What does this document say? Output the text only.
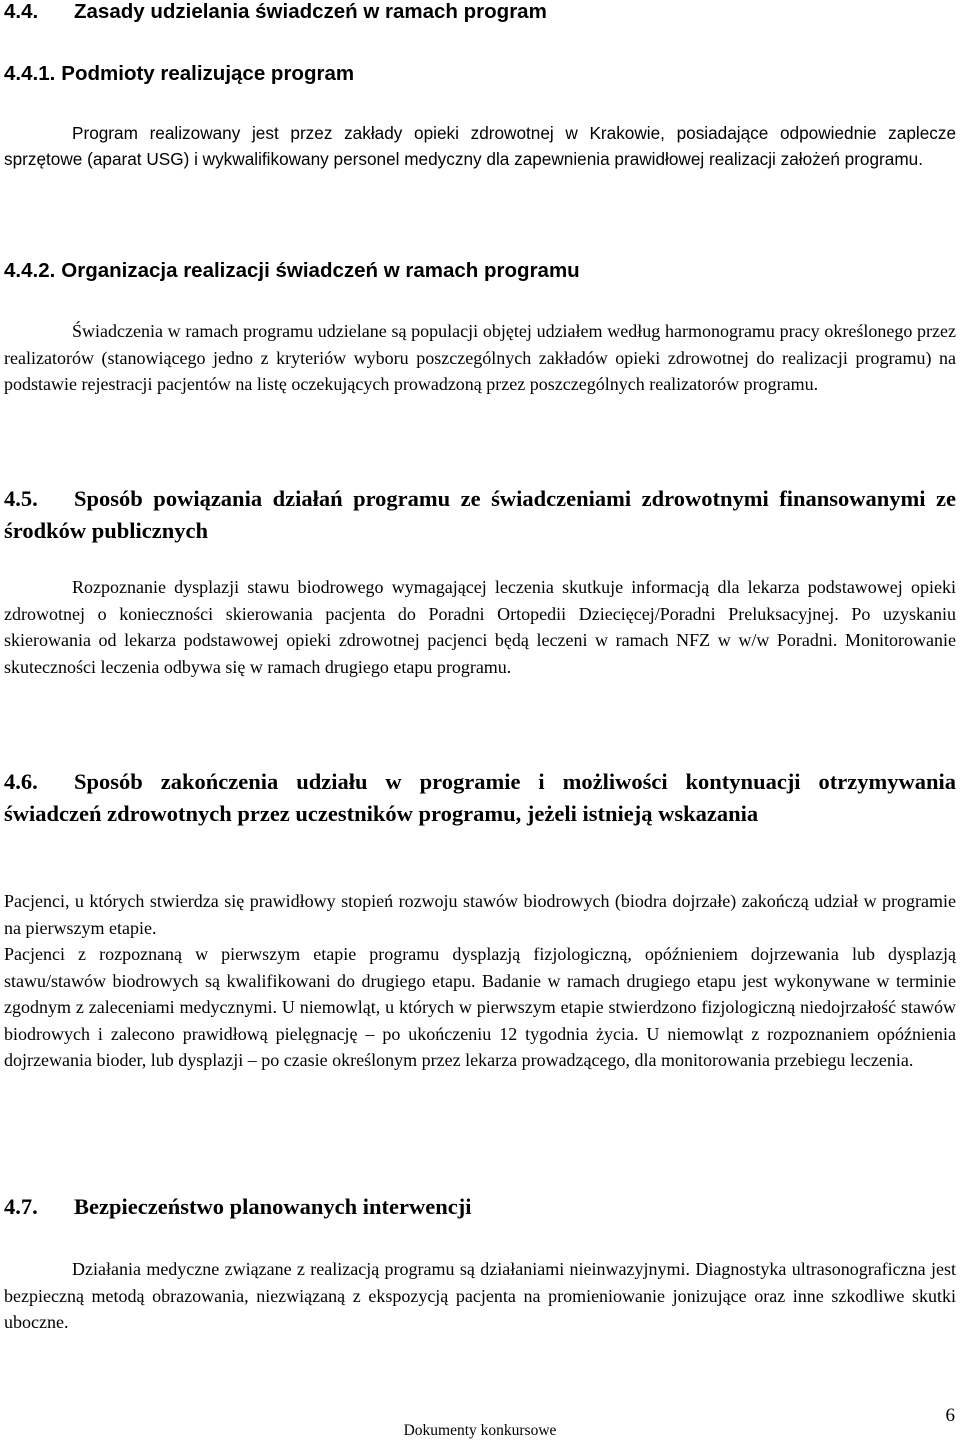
4.4. Zasady udzielania świadczeń w ramach program
4.4.1. Podmioty realizujące program

Program realizowany jest przez zakłady opieki zdrowotnej w Krakowie, posiadające odpowiednie zaplecze sprzętowe (aparat USG) i wykwalifikowany personel medyczny dla zapewnienia prawidłowej realizacji założeń programu.

4.4.2. Organizacja realizacji świadczeń w ramach programu

Świadczenia w ramach programu udzielane są populacji objętej udziałem według harmonogramu pracy określonego przez realizatorów (stanowiącego jedno z kryteriów wyboru poszczególnych zakładów opieki zdrowotnej do realizacji programu) na podstawie rejestracji pacjentów na listę oczekujących prowadzoną przez poszczególnych realizatorów programu.

4.5. Sposób powiązania działań programu ze świadczeniami zdrowotnymi finansowanymi ze środków publicznych

Rozpoznanie dysplazji stawu biodrowego wymagającej leczenia skutkuje informacją dla lekarza podstawowej opieki zdrowotnej o konieczności skierowania pacjenta do Poradni Ortopedii Dziecięcej/Poradni Preluksacyjnej. Po uzyskaniu skierowania od lekarza podstawowej opieki zdrowotnej pacjenci będą leczeni w ramach NFZ w w/w Poradni. Monitorowanie skuteczności leczenia odbywa się w ramach drugiego etapu programu.

4.6. Sposób zakończenia udziału w programie i możliwości kontynuacji otrzymywania świadczeń zdrowotnych przez uczestników programu, jeżeli istnieją wskazania

Pacjenci, u których stwierdza się prawidłowy stopień rozwoju stawów biodrowych (biodra dojrzałe) zakończą udział w programie na pierwszym etapie.

Pacjenci z rozpoznaną w pierwszym etapie programu dysplazją fizjologiczną, opóźnieniem dojrzewania lub dysplazją stawu/stawów biodrowych są kwalifikowani do drugiego etapu. Badanie w ramach drugiego etapu jest wykonywane w terminie zgodnym z zaleceniami medycznymi. U niemowląt, u których w pierwszym etapie stwierdzono fizjologiczną niedojrzałość stawów biodrowych i zalecono prawidłową pielęgnację – po ukończeniu 12 tygodnia życia. U niemowląt z rozpoznaniem opóźnienia dojrzewania bioder, lub dysplazji – po czasie określonym przez lekarza prowadzącego, dla monitorowania przebiegu leczenia.

4.7. Bezpieczeństwo planowanych interwencji

Działania medyczne związane z realizacją programu są działaniami nieinwazyjnymi. Diagnostyka ultrasonograficzna jest bezpieczną metodą obrazowania, niezwiązaną z ekspozycją pacjenta na promieniowanie jonizujące oraz inne szkodliwe skutki uboczne.

6
Dokumenty konkursowe
